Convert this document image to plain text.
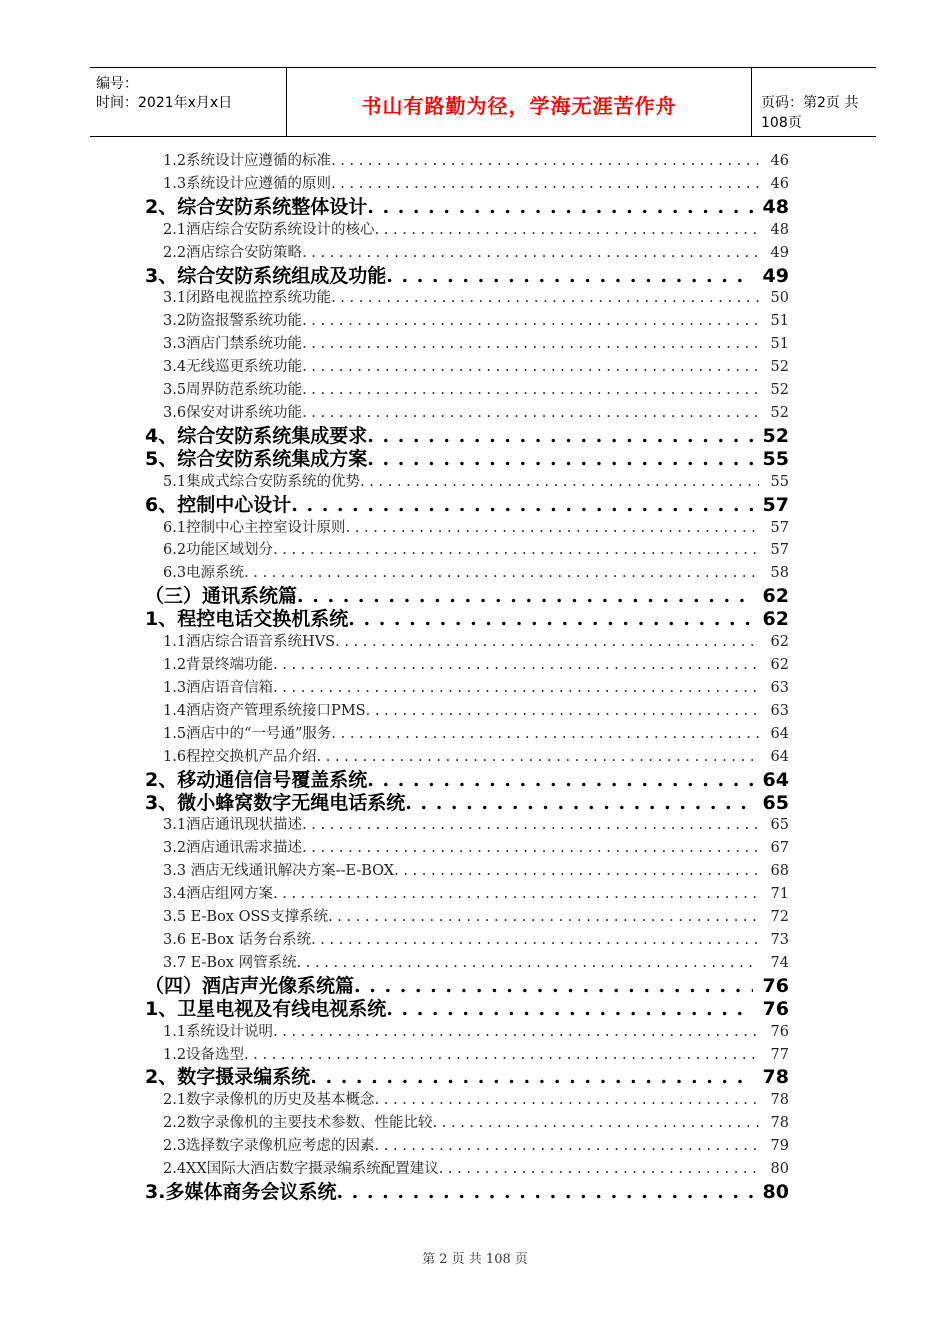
编号：
时间：2021年x月x日	书山有路勤为径，学海无涯苦作舟	页码：第2页 共108页
1.2系统设计应遵循的标准 . . .	46
1.3系统设计应遵循的原则 . . .	46
2、综合安防系统整体设计 . . .	48
2.1酒店综合安防系统设计的核心 . . .	48
2.2酒店综合安防策略 . . .	49
3、综合安防系统组成及功能 . . .	49
3.1闭路电视监控系统功能 . . .	50
3.2防盗报警系统功能 . . .	51
3.3酒店门禁系统功能 . . .	51
3.4无线巡更系统功能 . . .	52
3.5周界防范系统功能 . . .	52
3.6保安对讲系统功能 . . .	52
4、综合安防系统集成要求 . . .	52
5、综合安防系统集成方案 . . .	55
5.1集成式综合安防系统的优势 . . .	55
6、控制中心设计 . . .	57
6.1控制中心主控室设计原则 . . .	57
6.2功能区域划分 . . .	57
6.3电源系统 . . .	58
（三）通讯系统篇 . . .	62
1、程控电话交换机系统 . . .	62
1.1酒店综合语音系统HVS . . .	62
1.2背景终端功能 . . .	62
1.3酒店语音信箱 . . .	63
1.4酒店资产管理系统接口PMS . . .	63
1.5酒店中的“一号通”服务 . . .	64
1.6程控交换机产品介绍 . . .	64
2、移动通信信号覆盖系统 . . .	64
3、微小蜂窝数字无绳电话系统 . . .	65
3.1酒店通讯现状描述 . . .	65
3.2酒店通讯需求描述 . . .	67
3.3 酒店无线通讯解决方案--E-BOX . . .	68
3.4酒店组网方案 . . .	71
3.5 E-Box OSS支撑系统 . . .	72
3.6 E-Box 话务台系统 . . .	73
3.7 E-Box 网管系统 . . .	74
（四）酒店声光像系统篇 . . .	76
1、卫星电视及有线电视系统 . . .	76
1.1系统设计说明 . . .	76
1.2设备选型 . . .	77
2、数字摄录编系统 . . .	78
2.1数字录像机的历史及基本概念 . . .	78
2.2数字录像机的主要技术参数、性能比较 . . .	78
2.3选择数字录像机应考虑的因素 . . .	79
2.4XX国际大酒店数字摄录编系统配置建议 . . .	80
3.多媒体商务会议系统 . . .	80
第 2 页 共 108 页
